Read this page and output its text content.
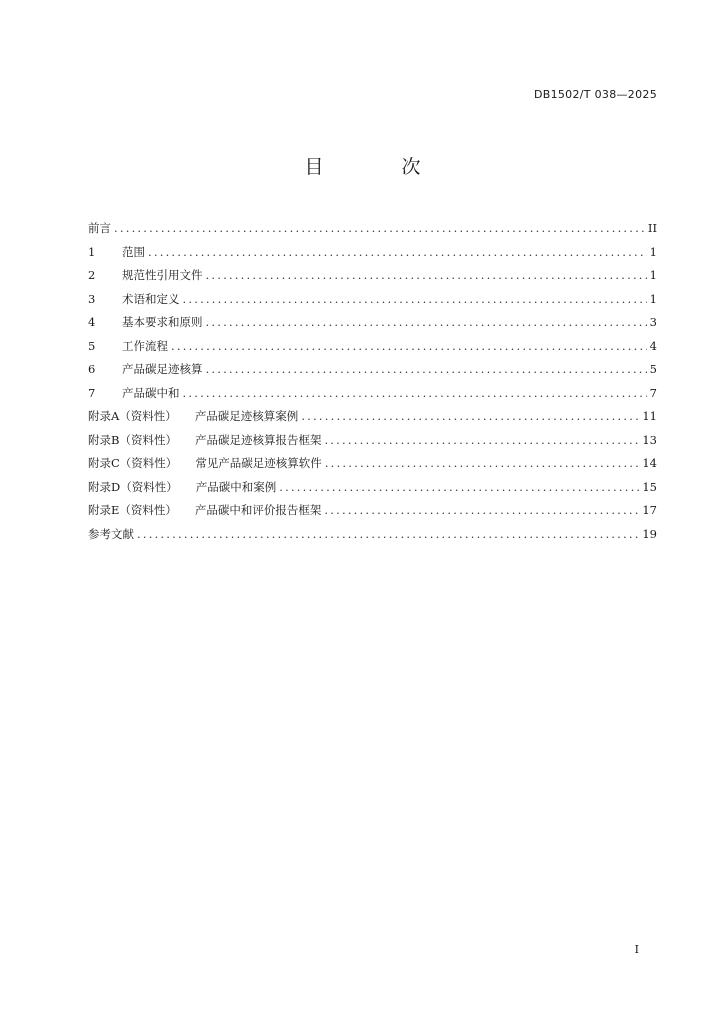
DB1502/T 038—2025
目 次
前言 .....	II
1 范围 .....	1
2 规范性引用文件 .....	1
3 术语和定义 .....	1
4 基本要求和原则 .....	3
5 工作流程 .....	4
6 产品碳足迹核算 .....	5
7 产品碳中和 .....	7
附录A（资料性） 产品碳足迹核算案例 .....	11
附录B（资料性） 产品碳足迹核算报告框架 .....	13
附录C（资料性） 常见产品碳足迹核算软件 .....	14
附录D（资料性） 产品碳中和案例 .....	15
附录E（资料性） 产品碳中和评价报告框架 .....	17
参考文献 .....	19
I
